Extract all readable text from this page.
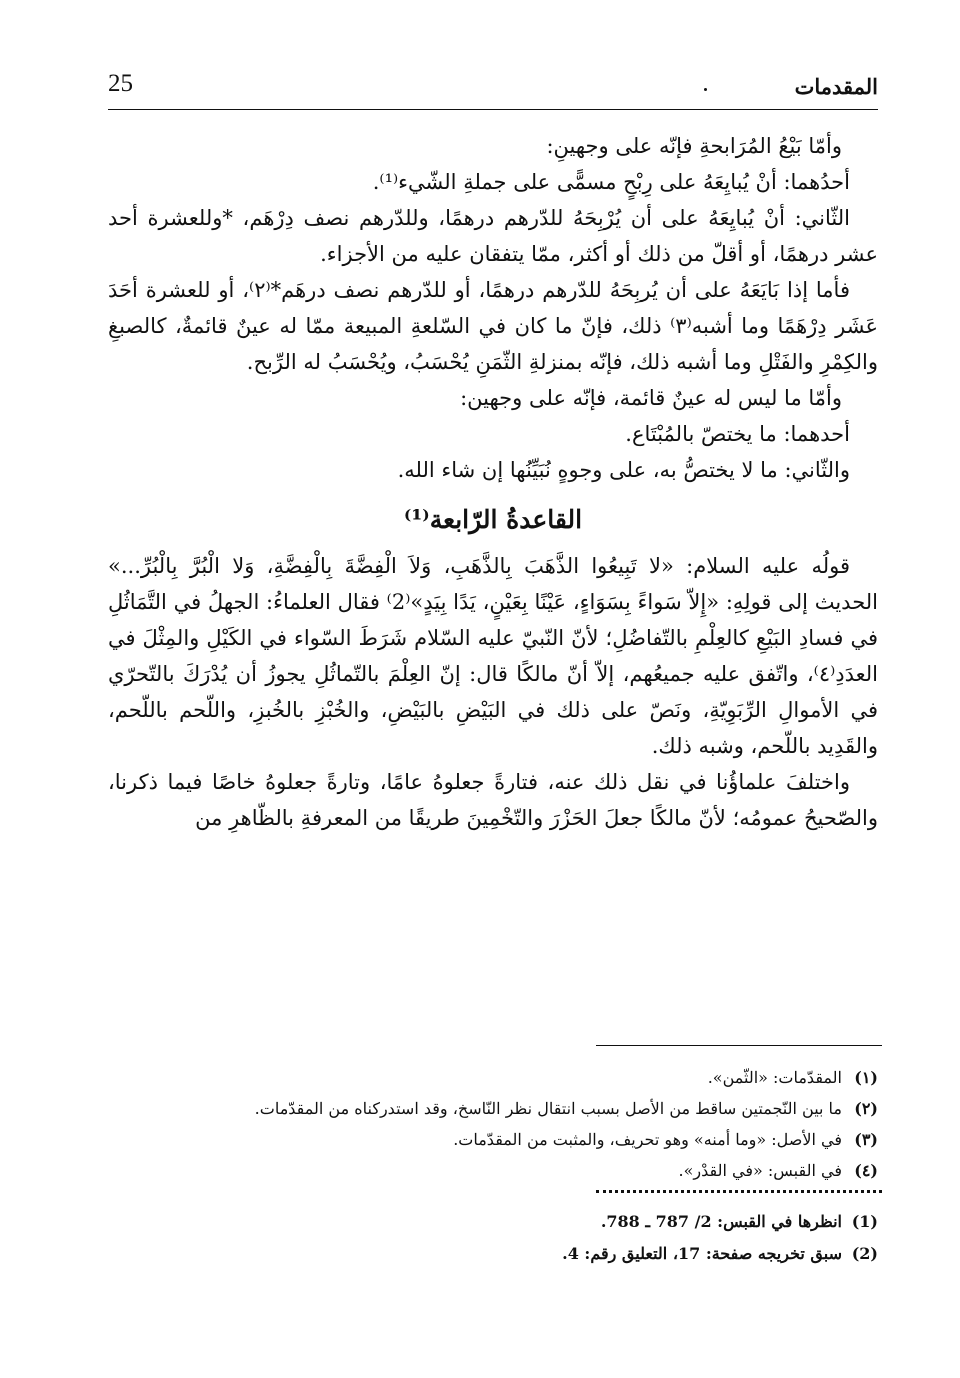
المقدمات
25

وأمّا بَيْعُ المُرَابحةِ فإنّه على وجهينِ:

أحدُهما: أنْ يُبايِعَهُ على رِبْحٍ مسمًّى على جملةِ الشّيء⁽¹⁾.

الثّاني: أنْ يُبايِعَهُ على أن يُرْبِحَهُ للدّرهم درهمًا، وللدّرهم نصف دِرْهَم، *وللعشرة أحد عشر درهمًا، أو أقلّ من ذلك أو أكثر، ممّا يتفقان عليه من الأجزاء.

فأما إذا بَايَعَهُ على أن يُربِحَهُ للدّرهم درهمًا، أو للدّرهم نصف درهَم*⁽٢⁾، أو للعشرة أحَدَ عَشَر دِرْهَمًا وما أشبه⁽٣⁾ ذلك، فإنّ ما كان في السّلعةِ المبيعة ممّا له عينٌ قائمةٌ، كالصبغِ والكِمْرِ والفَتْلِ وما أشبه ذلك، فإنّه بمنزلةِ الثّمَنِ يُحْسَبُ، ويُحْسَبُ له الرِّبح.

وأمّا ما ليس له عينٌ قائمة، فإنّه على وجهين:

أحدهما: ما يختصّ بالمُبْتَاع.

والثّاني: ما لا يختصُّ به، على وجوهٍ نُبَيِّنُها إن شاء الله.

القاعدةُ الرّابعة⁽¹⁾

قولُه عليه السلام: «لا تَبِيعُوا الذَّهَبَ بِالذَّهَبِ، وَلاَ الْفِضَّةَ بِالْفِضَّةِ، وَلا الْبُرَّ بِالْبُرِّ...» الحديث إلى قولِهِ: «إِلاّ سَواءً بِسَوَاءٍ، عَيْنًا بِعَيْنٍ، يَدًا بِيَدٍ»⁽2⁾ فقال العلماءُ: الجهلُ في التَّمَاثُلِ في فسادِ البَيْعِ كالعِلْمِ بالتّفاضُلِ؛ لأنّ النّبيّ عليه السّلام شَرَطَ السّواء في الكَيْلِ والمِثْلَ في العدَدِ⁽٤⁾، واتّفق عليه جميعُهم، إلاّ أنّ مالكًا قال: إنّ العِلْمَ بالتّماثُلِ يجوزُ أن يُدْرَكَ بالتّحرّي في الأموالِ الرِّبَوِيّةِ، ونَصّ على ذلك في البَيْضِ بالبَيْضِ، والخُبْزِ بالخُبزِ، واللّحم باللّحم، والقَدِيد باللّحم، وشبه ذلك.

واختلفَ علماؤُنا في نقل ذلك عنه، فتارةً جعلوهُ عامًا، وتارةً جعلوهُ خاصًا فيما ذكرنا، والصّحيحُ عمومُه؛ لأنّ مالكًا جعلَ الحَزْرَ والتّخْمِينَ طريقًا من المعرفةِ بالظّاهرِ من

(١)
المقدّمات: «الثّمن».
(٢)
ما بين النّجمتين ساقط من الأصل بسبب انتقال نظر النّاسخ، وقد استدركناه من المقدّمات.
(٣)
في الأصل: «وما أمنه» وهو تحريف، والمثبت من المقدّمات.
(٤)
في القبس: «في القدْر».
(1)
انظرها في القبس: 2/ 787 ـ 788.
(2)
سبق تخريجه صفحة: 17، التعليق رقم: 4.
